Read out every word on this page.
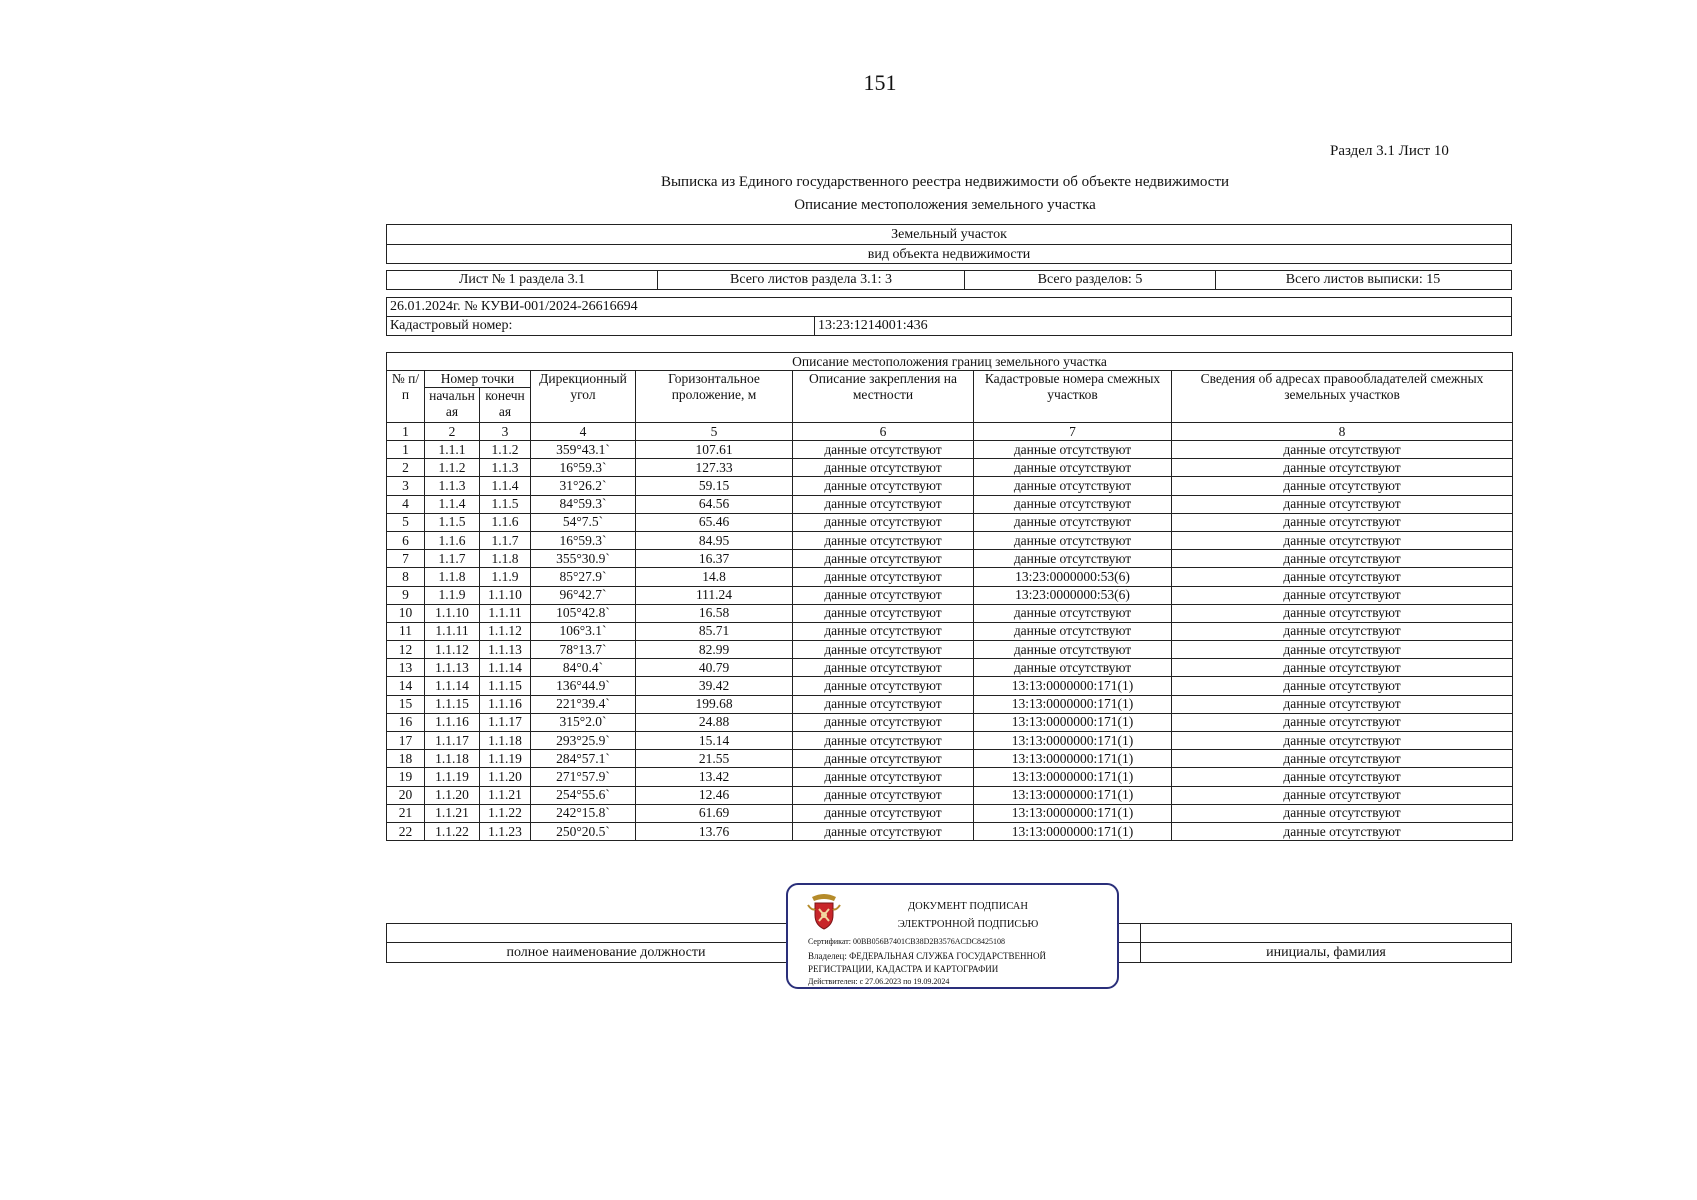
151
Раздел 3.1 Лист 10
Выписка из Единого государственного реестра недвижимости об объекте недвижимости
Описание местоположения земельного участка
Земельный участок
вид объекта недвижимости
Лист № 1 раздела 3.1	Всего листов раздела 3.1: 3	Всего разделов: 5	Всего листов выписки: 15
26.01.2024г. № КУВИ-001/2024-26616694
Кадастровый номер:	13:23:1214001:436
Описание местоположения границ земельного участка							
№ п/п	Номер точки		Дирекционный угол	Горизонтальное проложение, м	Описание закрепления на местности	Кадастровые номера смежных участков	Сведения об адресах правообладателей смежных земельных участков
	начальн ая	конечн ая					
1	2	3	4	5	6	7	8
1	1.1.1	1.1.2	359°43.1`	107.61	данные отсутствуют	данные отсутствуют	данные отсутствуют
2	1.1.2	1.1.3	16°59.3`	127.33	данные отсутствуют	данные отсутствуют	данные отсутствуют
3	1.1.3	1.1.4	31°26.2`	59.15	данные отсутствуют	данные отсутствуют	данные отсутствуют
4	1.1.4	1.1.5	84°59.3`	64.56	данные отсутствуют	данные отсутствуют	данные отсутствуют
5	1.1.5	1.1.6	54°7.5`	65.46	данные отсутствуют	данные отсутствуют	данные отсутствуют
6	1.1.6	1.1.7	16°59.3`	84.95	данные отсутствуют	данные отсутствуют	данные отсутствуют
7	1.1.7	1.1.8	355°30.9`	16.37	данные отсутствуют	данные отсутствуют	данные отсутствуют
8	1.1.8	1.1.9	85°27.9`	14.8	данные отсутствуют	13:23:0000000:53(6)	данные отсутствуют
9	1.1.9	1.1.10	96°42.7`	111.24	данные отсутствуют	13:23:0000000:53(6)	данные отсутствуют
10	1.1.10	1.1.11	105°42.8`	16.58	данные отсутствуют	данные отсутствуют	данные отсутствуют
11	1.1.11	1.1.12	106°3.1`	85.71	данные отсутствуют	данные отсутствуют	данные отсутствуют
12	1.1.12	1.1.13	78°13.7`	82.99	данные отсутствуют	данные отсутствуют	данные отсутствуют
13	1.1.13	1.1.14	84°0.4`	40.79	данные отсутствуют	данные отсутствуют	данные отсутствуют
14	1.1.14	1.1.15	136°44.9`	39.42	данные отсутствуют	13:13:0000000:171(1)	данные отсутствуют
15	1.1.15	1.1.16	221°39.4`	199.68	данные отсутствуют	13:13:0000000:171(1)	данные отсутствуют
16	1.1.16	1.1.17	315°2.0`	24.88	данные отсутствуют	13:13:0000000:171(1)	данные отсутствуют
17	1.1.17	1.1.18	293°25.9`	15.14	данные отсутствуют	13:13:0000000:171(1)	данные отсутствуют
18	1.1.18	1.1.19	284°57.1`	21.55	данные отсутствуют	13:13:0000000:171(1)	данные отсутствуют
19	1.1.19	1.1.20	271°57.9`	13.42	данные отсутствуют	13:13:0000000:171(1)	данные отсутствуют
20	1.1.20	1.1.21	254°55.6`	12.46	данные отсутствуют	13:13:0000000:171(1)	данные отсутствуют
21	1.1.21	1.1.22	242°15.8`	61.69	данные отсутствуют	13:13:0000000:171(1)	данные отсутствуют
22	1.1.22	1.1.23	250°20.5`	13.76	данные отсутствуют	13:13:0000000:171(1)	данные отсутствуют
полное наименование должности	инициалы, фамилия
ДОКУМЕНТ ПОДПИСАН
ЭЛЕКТРОННОЙ ПОДПИСЬЮ
Сертификат: 00BB056B7401CB38D2B3576ACDC8425108
Владелец: ФЕДЕРАЛЬНАЯ СЛУЖБА ГОСУДАРСТВЕННОЙ
РЕГИСТРАЦИИ, КАДАСТРА И КАРТОГРАФИИ
Действителен: с 27.06.2023 по 19.09.2024
